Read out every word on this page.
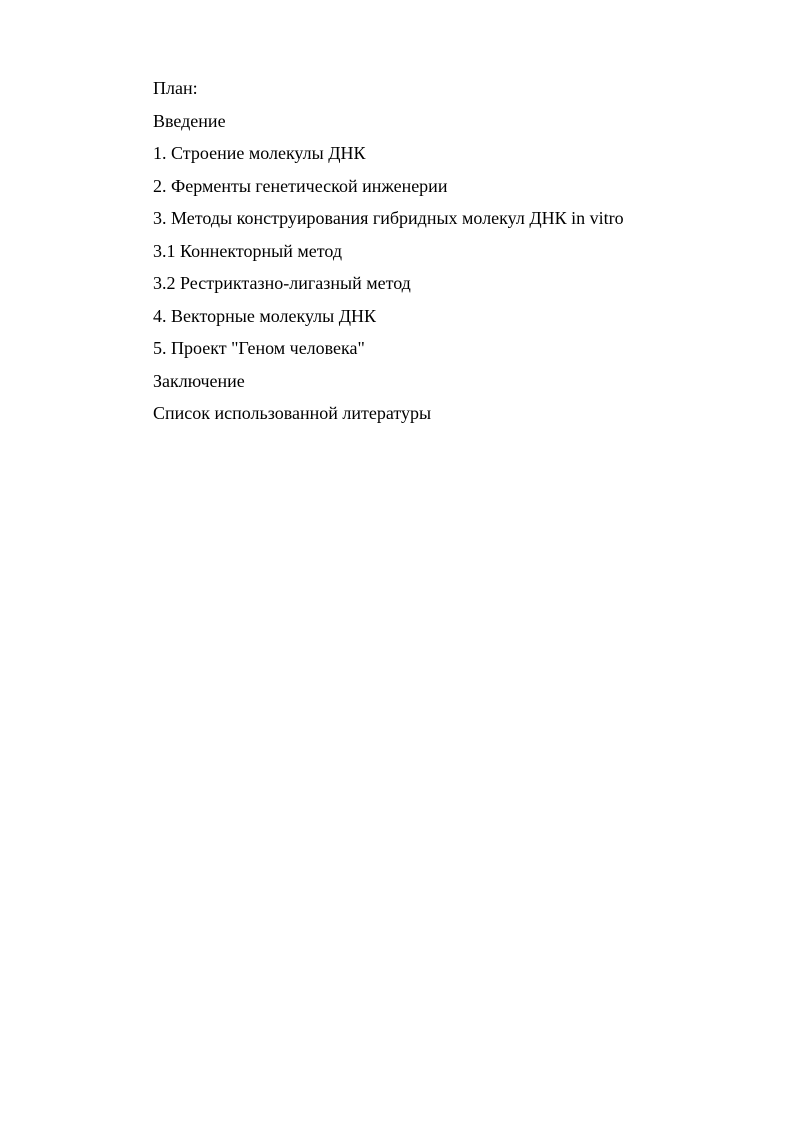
План:
Введение
1. Строение молекулы ДНК
2. Ферменты генетической инженерии
3. Методы конструирования гибридных молекул ДНК in vitro
3.1 Коннекторный метод
3.2 Рестриктазно-лигазный метод
4. Векторные молекулы ДНК
5. Проект "Геном человека"
Заключение
Список использованной литературы
